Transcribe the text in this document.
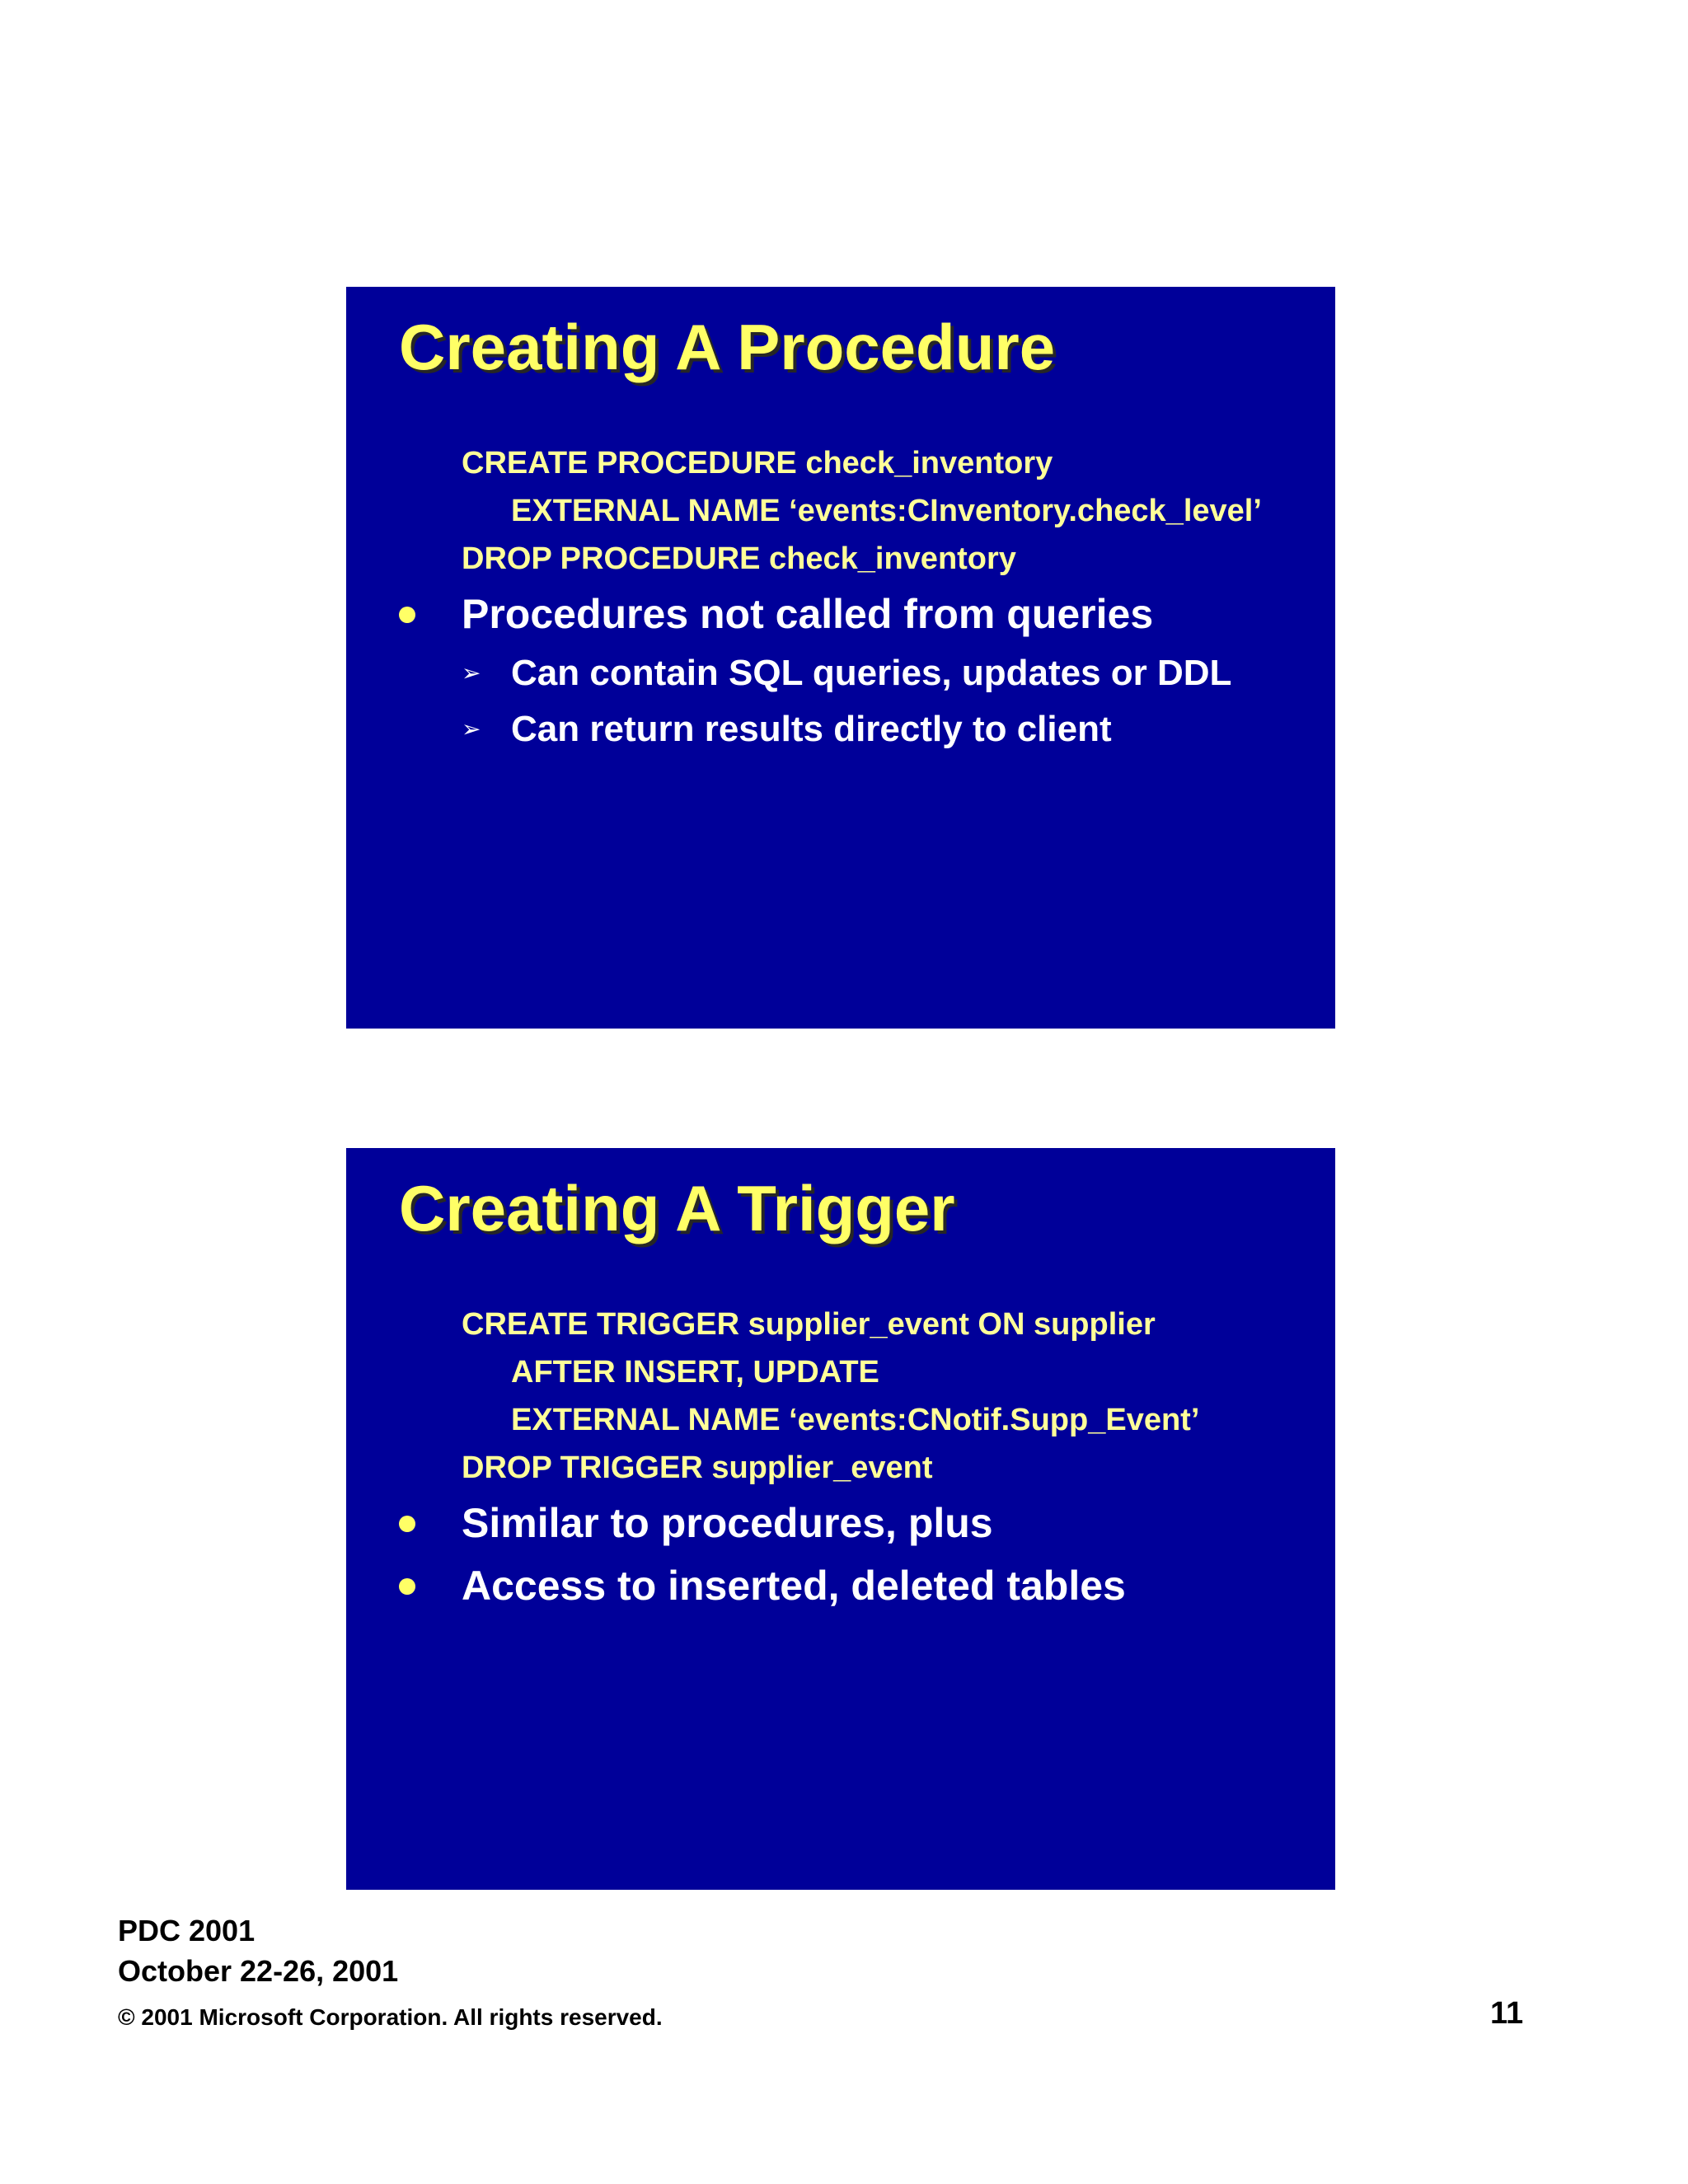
Creating A Procedure
CREATE PROCEDURE check_inventory
EXTERNAL NAME ‘events:CInventory.check_level’
DROP PROCEDURE check_inventory
Procedures not called from queries
➢ Can contain SQL queries, updates or DDL
➢ Can return results directly to client
Creating A Trigger
CREATE TRIGGER supplier_event ON supplier
AFTER INSERT, UPDATE
EXTERNAL NAME ‘events:CNotif.Supp_Event’
DROP TRIGGER supplier_event
Similar to procedures, plus
Access to inserted, deleted tables
PDC 2001
October 22-26, 2001
© 2001 Microsoft Corporation. All rights reserved.	11
